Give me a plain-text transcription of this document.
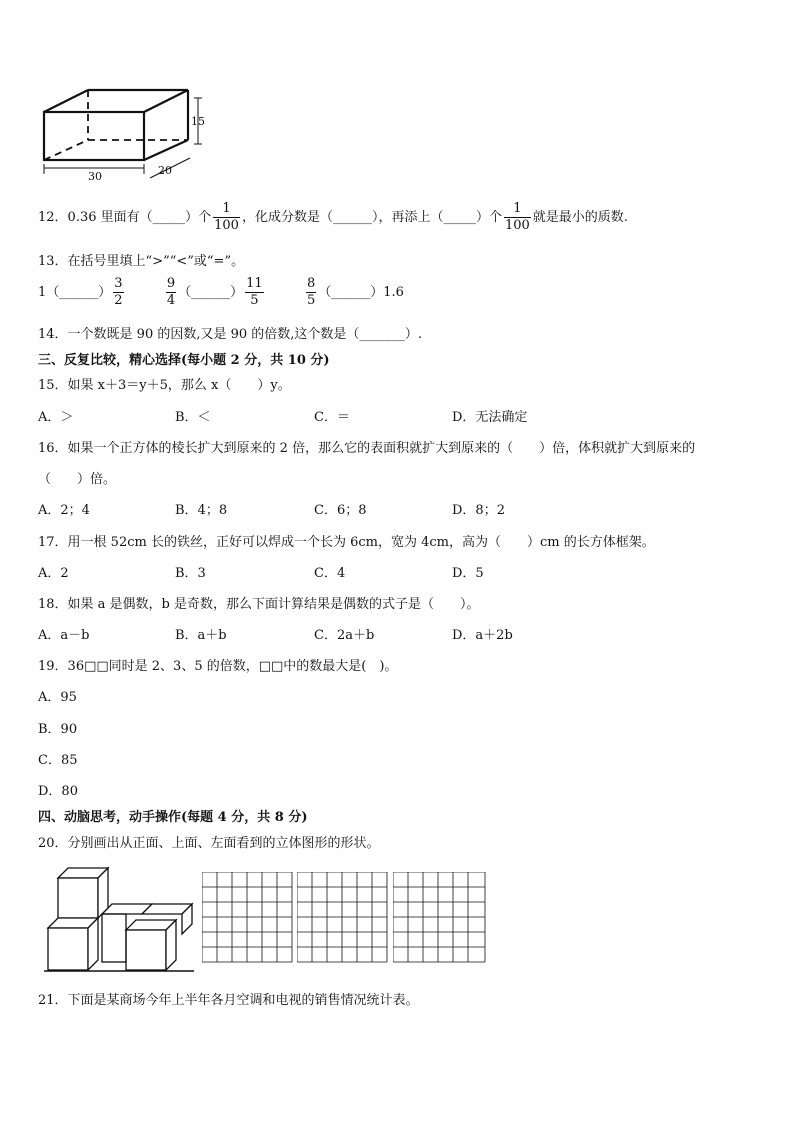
15
30	20
12．0.36 里面有（_____）个 $\frac{1}{100}$ ，化成分数是（______），再添上（_____）个 $\frac{1}{100}$ 就是最小的质数.
13．在括号里填上“>”“<”或“=”。
1（______） $\frac{3}{2}$
	$\frac{9}{4}$ （______） $\frac{11}{5}$
	$\frac{8}{5}$ （______）1.6
14．一个数既是 90 的因数,又是 90 的倍数,这个数是（_______）.
三、反复比较，精心选择(每小题 2 分，共 10 分)
15．如果 x＋3＝y＋5，那么 x（　　）y。
A．＞	B．＜	C．＝	D．无法确定
16．如果一个正方体的棱长扩大到原来的 2 倍，那么它的表面积就扩大到原来的（　　）倍，体积就扩大到原来的
（　　）倍。
A．2；4	B．4；8	C．6；8	D．8；2
17．用一根 52cm 长的铁丝，正好可以焊成一个长为 6cm，宽为 4cm，高为（　　）cm 的长方体框架。
A．2	B．3	C．4	D．5
18．如果 a 是偶数，b 是奇数，那么下面计算结果是偶数的式子是（　　）。
A．a－b	B．a＋b	C．2a＋b	D．a＋2b
19．36□□同时是 2、3、5 的倍数，□□中的数最大是(　)。
A．95
B．90
C．85
D．80
四、动脑思考，动手操作(每题 4 分，共 8 分)
20．分别画出从正面、上面、左面看到的立体图形的形状。
21．下面是某商场今年上半年各月空调和电视的销售情况统计表。
